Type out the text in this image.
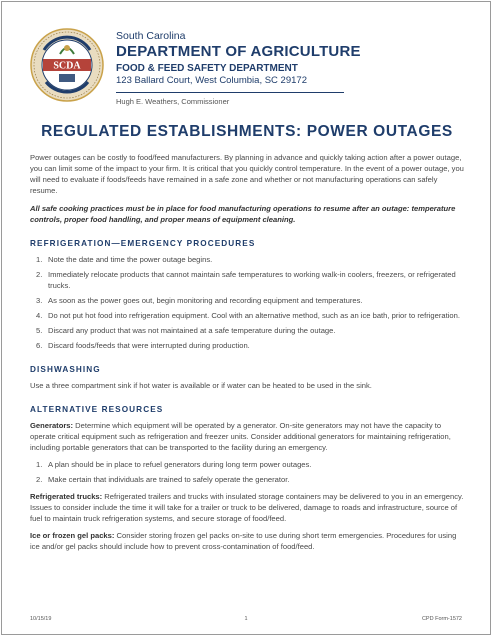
SCDA
South Carolina
DEPARTMENT OF AGRICULTURE
FOOD & FEED SAFETY DEPARTMENT
123 Ballard Court, West Columbia, SC 29172
Hugh E. Weathers, Commissioner
REGULATED ESTABLISHMENTS: POWER OUTAGES

Power outages can be costly to food/feed manufacturers. By planning in advance and quickly taking action after a power outage, you can limit some of the impact to your firm. It is critical that you quickly control temperature. In the event of a power outage, you will need to evaluate if foods/feeds have remained in a safe zone and whether or not manufacturing operations can safely resume.

All safe cooking practices must be in place for food manufacturing operations to resume after an outage: temperature controls, proper food handling, and proper means of equipment cleaning.

REFRIGERATION—EMERGENCY PROCEDURES
1. Note the date and time the power outage begins.
2. Immediately relocate products that cannot maintain safe temperatures to working walk-in coolers, freezers, or refrigerated trucks.
3. As soon as the power goes out, begin monitoring and recording equipment and temperatures.
4. Do not put hot food into refrigeration equipment. Cool with an alternative method, such as an ice bath, prior to refrigeration.
5. Discard any product that was not maintained at a safe temperature during the outage.
6. Discard foods/feeds that were interrupted during production.
DISHWASHING

Use a three compartment sink if hot water is available or if water can be heated to be used in the sink.

ALTERNATIVE RESOURCES

Generators: Determine which equipment will be operated by a generator. On-site generators may not have the capacity to operate critical equipment such as refrigeration and freezer units. Consider additional generators for maintaining refrigeration, including portable generators that can be transported to the facility during an emergency.

1. A plan should be in place to refuel generators during long term power outages.
2. Make certain that individuals are trained to safely operate the generator.

Refrigerated trucks: Refrigerated trailers and trucks with insulated storage containers may be delivered to you in an emergency. Issues to consider include the time it will take for a trailer or truck to be delivered, damage to roads and infrastructure, source of fuel to maintain truck refrigeration systems, and secure storage of food/feed.

Ice or frozen gel packs: Consider storing frozen gel packs on-site to use during short term emergencies. Procedures for using ice and/or gel packs should include how to prevent cross-contamination of food/feed.

10/15/19	1	CPD Form-1572
